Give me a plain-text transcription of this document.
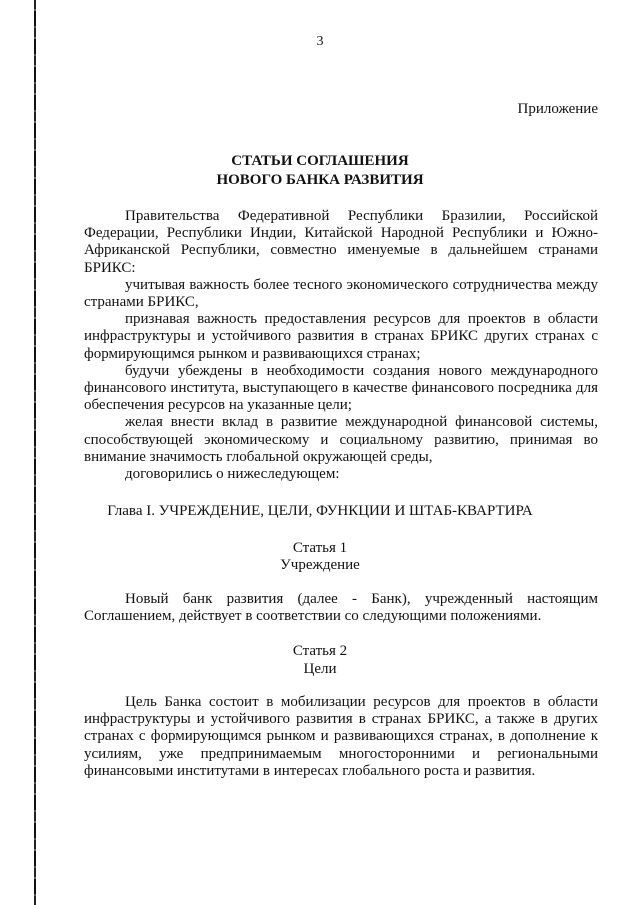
3
Приложение
СТАТЬИ СОГЛАШЕНИЯ
НОВОГО БАНКА РАЗВИТИЯ

Правительства Федеративной Республики Бразилии, Российской Федерации, Республики Индии, Китайской Народной Республики и Южно-Африканской Республики, совместно именуемые в дальнейшем странами БРИКС:

учитывая важность более тесного экономического сотрудничества между странами БРИКС,

признавая важность предоставления ресурсов для проектов в области инфраструктуры и устойчивого развития в странах БРИКС других странах с формирующимся рынком и развивающихся странах;

будучи убеждены в необходимости создания нового международного финансового института, выступающего в качестве финансового посредника для обеспечения ресурсов на указанные цели;

желая внести вклад в развитие международной финансовой системы, способствующей экономическому и социальному развитию, принимая во внимание значимость глобальной окружающей среды,

договорились о нижеследующем:

Глава I. УЧРЕЖДЕНИЕ, ЦЕЛИ, ФУНКЦИИ И ШТАБ-КВАРТИРА
Статья 1
Учреждение

Новый банк развития (далее - Банк), учрежденный настоящим Соглашением, действует в соответствии со следующими положениями.

Статья 2
Цели

Цель Банка состоит в мобилизации ресурсов для проектов в области инфраструктуры и устойчивого развития в странах БРИКС, а также в других странах с формирующимся рынком и развивающихся странах, в дополнение к усилиям, уже предпринимаемым многосторонними и региональными финансовыми институтами в интересах глобального роста и развития.
